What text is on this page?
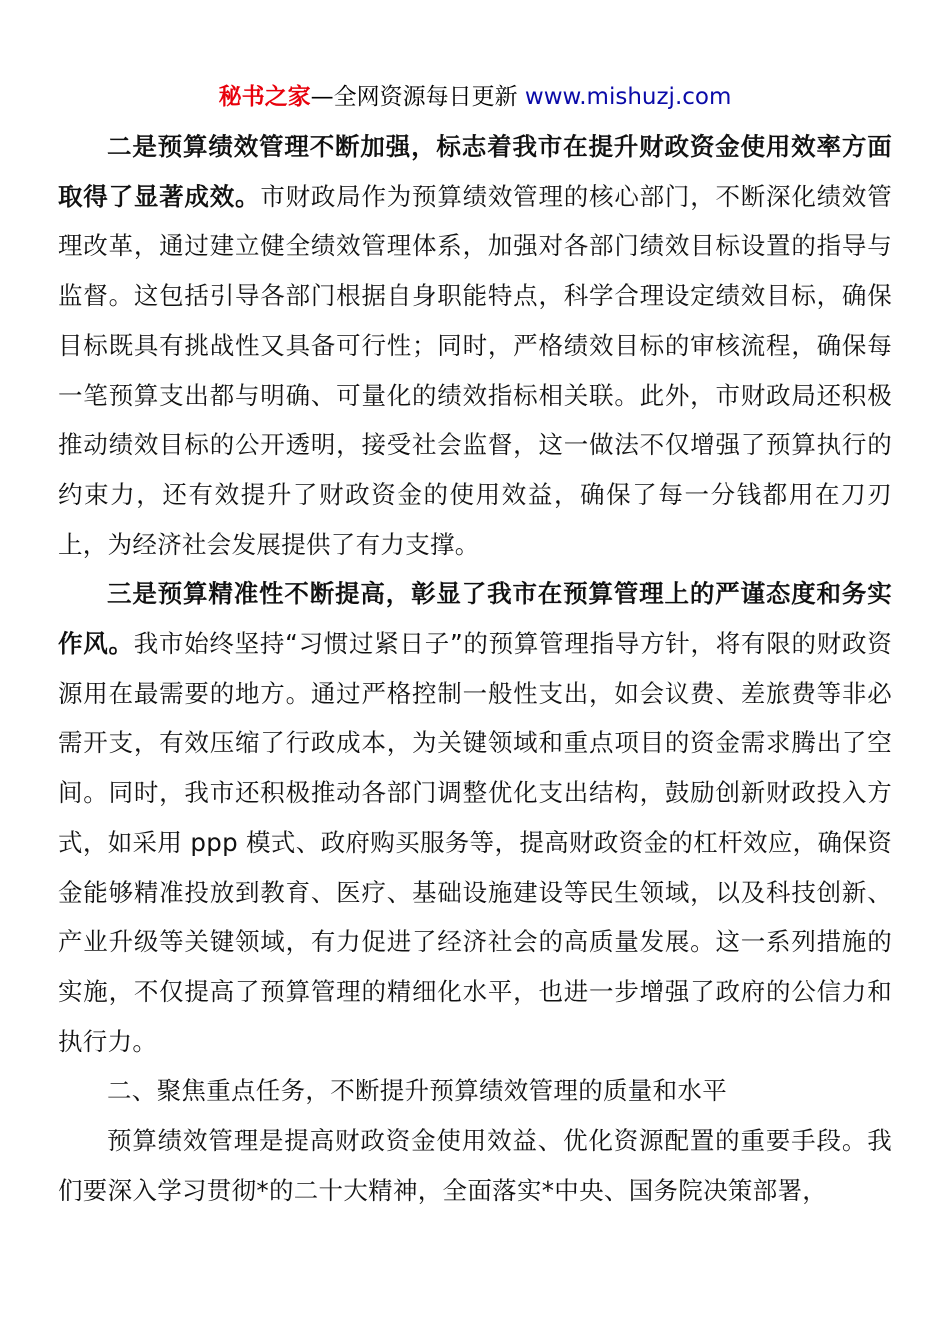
秘书之家—全网资源每日更新 www.mishuzj.com

二是预算绩效管理不断加强，标志着我市在提升财政资金使用效率方面取得了显著成效。市财政局作为预算绩效管理的核心部门，不断深化绩效管理改革，通过建立健全绩效管理体系，加强对各部门绩效目标设置的指导与监督。这包括引导各部门根据自身职能特点，科学合理设定绩效目标，确保目标既具有挑战性又具备可行性；同时，严格绩效目标的审核流程，确保每一笔预算支出都与明确、可量化的绩效指标相关联。此外，市财政局还积极推动绩效目标的公开透明，接受社会监督，这一做法不仅增强了预算执行的约束力，还有效提升了财政资金的使用效益，确保了每一分钱都用在刀刃上，为经济社会发展提供了有力支撑。

三是预算精准性不断提高，彰显了我市在预算管理上的严谨态度和务实作风。我市始终坚持“习惯过紧日子”的预算管理指导方针，将有限的财政资源用在最需要的地方。通过严格控制一般性支出，如会议费、差旅费等非必需开支，有效压缩了行政成本，为关键领域和重点项目的资金需求腾出了空间。同时，我市还积极推动各部门调整优化支出结构，鼓励创新财政投入方式，如采用 ppp 模式、政府购买服务等，提高财政资金的杠杆效应，确保资金能够精准投放到教育、医疗、基础设施建设等民生领域，以及科技创新、产业升级等关键领域，有力促进了经济社会的高质量发展。这一系列措施的实施，不仅提高了预算管理的精细化水平，也进一步增强了政府的公信力和执行力。

二、聚焦重点任务，不断提升预算绩效管理的质量和水平

预算绩效管理是提高财政资金使用效益、优化资源配置的重要手段。我们要深入学习贯彻*的二十大精神，全面落实*中央、国务院决策部署，
